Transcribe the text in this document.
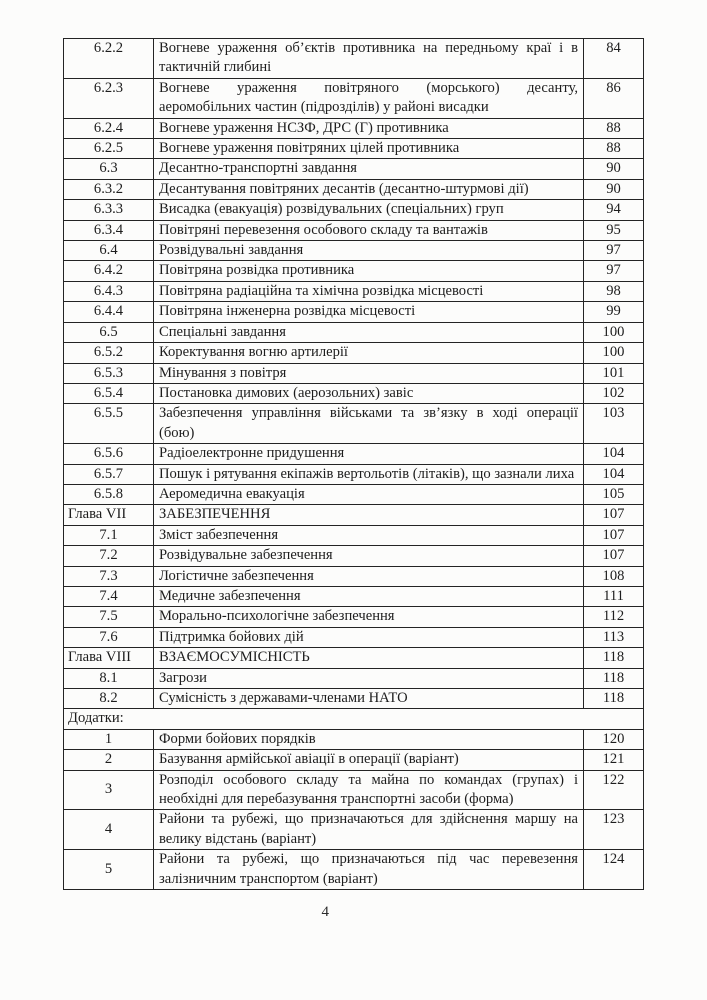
6.2.2	Вогневе ураження об’єктів противника на передньому краї і в тактичній глибині	84
6.2.3	Вогневе ураження повітряного (морського) десанту, аеромобільних частин (підрозділів) у районі висадки	86
6.2.4	Вогневе ураження НСЗФ, ДРС (Г) противника	88
6.2.5	Вогневе ураження повітряних цілей противника	88
6.3	Десантно-транспортні завдання	90
6.3.2	Десантування повітряних десантів (десантно-штурмові дії)	90
6.3.3	Висадка (евакуація) розвідувальних (спеціальних) груп	94
6.3.4	Повітряні перевезення особового складу та вантажів	95
6.4	Розвідувальні завдання	97
6.4.2	Повітряна розвідка противника	97
6.4.3	Повітряна радіаційна та хімічна розвідка місцевості	98
6.4.4	Повітряна інженерна розвідка місцевості	99
6.5	Спеціальні завдання	100
6.5.2	Коректування вогню артилерії	100
6.5.3	Мінування з повітря	101
6.5.4	Постановка димових (аерозольних) завіс	102
6.5.5	Забезпечення управління військами та зв’язку в ході операції (бою)	103
6.5.6	Радіоелектронне придушення	104
6.5.7	Пошук і рятування екіпажів вертольотів (літаків), що зазнали лиха	104
6.5.8	Аеромедична евакуація	105
Глава VII	ЗАБЕЗПЕЧЕННЯ	107
7.1	Зміст забезпечення	107
7.2	Розвідувальне забезпечення	107
7.3	Логістичне забезпечення	108
7.4	Медичне забезпечення	111
7.5	Морально-психологічне забезпечення	112
7.6	Підтримка бойових дій	113
Глава VIII	ВЗАЄМОСУМІСНІСТЬ	118
8.1	Загрози	118
8.2	Сумісність з державами-членами НАТО	118
Додатки:		
1	Форми бойових порядків	120
2	Базування армійської авіації в операції (варіант)	121
3	Розподіл особового складу та майна по командах (групах) і необхідні для перебазування транспортні засоби (форма)	122
4	Райони та рубежі, що призначаються для здійснення маршу на велику відстань (варіант)	123
5	Райони та рубежі, що призначаються під час перевезення залізничним транспортом (варіант)	124
4
